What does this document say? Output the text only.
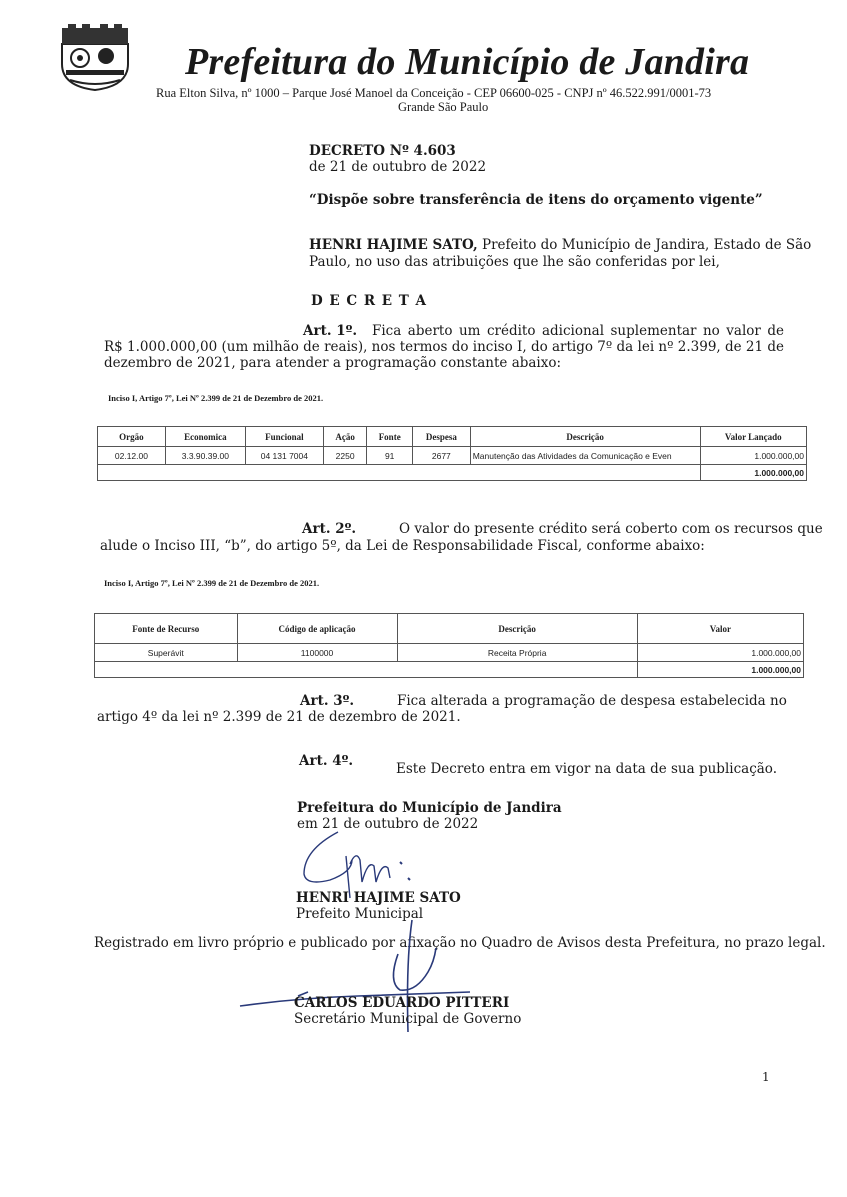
Prefeitura do Município de Jandira
Rua Elton Silva, nº 1000 – Parque José Manoel da Conceição - CEP 06600-025 - CNPJ nº 46.522.991/0001-73
Grande São Paulo
DECRETO Nº 4.603
de 21 de outubro de 2022
“Dispõe sobre transferência de itens do orçamento vigente”
HENRI HAJIME SATO, Prefeito do Município de Jandira, Estado de São
Paulo, no uso das atribuições que lhe são conferidas por lei,
D E C R E T A
Art. 1º. Fica aberto um crédito adicional suplementar no valor de
R$ 1.000.000,00 (um milhão de reais), nos termos do inciso I, do artigo 7º da lei nº 2.399, de 21 de
dezembro de 2021, para atender a programação constante abaixo:
Inciso I, Artigo 7º, Lei Nº 2.399 de 21 de Dezembro de 2021.
Orgão	Economica	Funcional	Ação	Fonte	Despesa	Descrição	Valor Lançado
02.12.00	3.3.90.39.00	04 131 7004	2250	91	2677	Manutenção das Atividades da Comunicação e Even	1.000.000,00
							1.000.000,00
Art. 2º.	O valor do presente crédito será coberto com os recursos que
alude o Inciso III, “b”, do artigo 5º, da Lei de Responsabilidade Fiscal, conforme abaixo:
Inciso I, Artigo 7º, Lei Nº 2.399 de 21 de Dezembro de 2021.
Fonte de Recurso	Código de aplicação	Descrição	Valor
Superávit	1100000	Receita Própria	1.000.000,00
			1.000.000,00
Art. 3º.	Fica alterada a programação de despesa estabelecida no
artigo 4º da lei nº 2.399 de 21 de dezembro de 2021.
Art. 4º.	Este Decreto entra em vigor na data de sua publicação.
Prefeitura do Município de Jandira
em 21 de outubro de 2022
HENRI HAJIME SATO
Prefeito Municipal
Registrado em livro próprio e publicado por afixação no Quadro de Avisos desta Prefeitura, no prazo legal.
CARLOS EDUARDO PITTERI
Secretário Municipal de Governo
1
